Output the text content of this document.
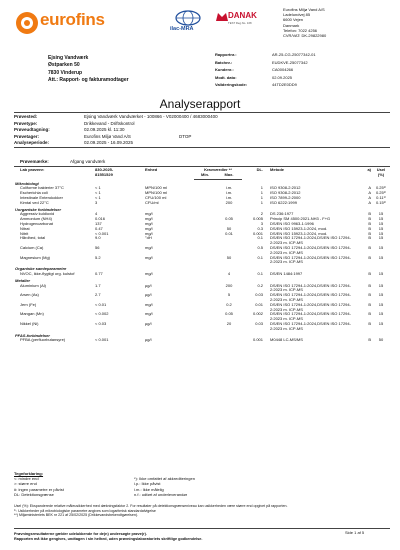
eurofins	ilac-MRA
DANAK
TEST Reg.No. 168
Eurofins Miljø Vand A/S
Ladelundvej 85
6600 Vejen
Danmark
Telefon: 7022 4256
CVR/VAT: DK-29822980
Ejsing Vandværk
Østparken 50
7830 Vinderup
Att.: Rapport- og fakturamodtager
Rapportnr.:	AR-25-CG-25077342-01
Batchnr.:	EUDKVE-25077342
Kundenr.:	CA0004266
Modt. dato:	02.09.2025
Valideringskode:	44TD2E0DD9
Analyserapport
Prøvested:	Ejsing Vandværk Vandværket - 100866 - V02000400 / 4683000400
Prøvetype:	Drikkevand - Driftskontrol
Prøveudtagning:	02.09.2025 kl. 11:30
Prøvetager:	Eurofins Miljø Vand A/S	DTOP
Analyseperiode:	02.09.2025 - 16.09.2025
Prøvemærke:	Afgang vandværk
Lab prøvenr:	830-2025-
81551529	Enhed	Kravværdier **		DL.	Metode	a)	Usel
(%)
			Min.	Max.				
Mikrobiologi								
Coliforme bakterier 37°C	< 1	MPN/100 ml		i.m.	1	ISO 9308-2:2012	A	0.25¹⁾
Escherichia coli	< 1	MPN/100 ml		i.m.	1	ISO 9308-2:2012	A	0.25¹⁾
Intestinale Enterokokker	< 1	CFU/100 ml		i.m.	1	ISO 7899-2:2000	A	0.11¹⁾
Kimtal ved 22°C	3	CFU/ml		200	1	ISO 6222:1999	A	0.15¹⁾
Uorganiske forbindelser								
Aggressiv kuldioxid	4	mg/l			2	DS 236:1977	B	15
Ammonium (NH4)	0.016	mg/l		0.05	0.005	Princip SM 4500:2021-NH3 - F+G	B	15
Hydrogencarbonat	137	mg/l			3	DS/EN ISO 9963-1:1996	B	15
Nitrat	0.47	mg/l		50	0.3	DS/EN ISO 15923-1:2024, mod.	B	15
Nitrit	< 0.001	mg/l		0.01	0.001	DS/EN ISO 15923-1:2024, mod.	B	15
Hårdhed, total	9.0	°dH			0.1	DS/EN ISO 17294-1:2024,DS/EN ISO 17294-2:2023 m. ICP-MS	B	15
Calcium (Ca)	56	mg/l			0.5	DS/EN ISO 17294-1:2024,DS/EN ISO 17294-2:2023 m. ICP-MS	B	15
Magnesium (Mg)	5.2	mg/l		50	0.1	DS/EN ISO 17294-1:2024,DS/EN ISO 17294-2:2023 m. ICP-MS	B	15
Organiske samleparametre								
NVOC, ikke-flygtigt org. kulstof	0.77	mg/l		4	0.1	DS/EN 1484:1997	B	15
Metaller								
Aluminium (Al)	1.7	µg/l		200	0.2	DS/EN ISO 17294-1:2024,DS/EN ISO 17294-2:2023 m. ICP-MS	B	15
Arsen (As)	2.7	µg/l		5	0.03	DS/EN ISO 17294-1:2024,DS/EN ISO 17294-2:2023 m. ICP-MS	B	15
Jern (Fe)	< 0.01	mg/l		0.2	0.01	DS/EN ISO 17294-1:2024,DS/EN ISO 17294-2:2023 m. ICP-MS	B	15
Mangan (Mn)	< 0.002	mg/l		0.05	0.002	DS/EN ISO 17294-1:2024,DS/EN ISO 17294-2:2023 m. ICP-MS	B	15
Nikkel (Ni)	< 0.03	µg/l		20	0.03	DS/EN ISO 17294-1:2024,DS/EN ISO 17294-2:2023 m. ICP-MS	B	15
PFAS-forbindelser								
PFBA (perfluorbutansyre)	< 0.001	µg/l			0.001	M0448 LC-MS/MS	B	50
Tegnforklaring:
<: mindre end	*): Ikke omfattet af akkrediteringen
>: større end	i.p.: Ikke påvist
#: ingen parametre er påvist	i.m.: Ikke målelig
DL: Detektionsgrænse	n.f.: udført af underleverandør
Usel (%): Ekspanderede relative måleusikkerhed med dækningsfaktor 2. For resultater på detektionsgrænseniveau kan usikkerheden være større end opgivet på rapporten.
¹⁾: Usikkerheder på mikrobiologiske parametre angives som logaritmisk standardafvigelse
**) Miljøministeriets BEK nr 221 af 25/02/2025 (Drikkevandsbekendtgørelsen).
Side 1 af 5
Prøvningsresultaterne gælder udelukkende for de(n) undersøgte prøve(r).
Rapporten må ikke gengives, undtagen i sin helhed, uden prøvningslaboratoriets skriftlige godkendelse.
